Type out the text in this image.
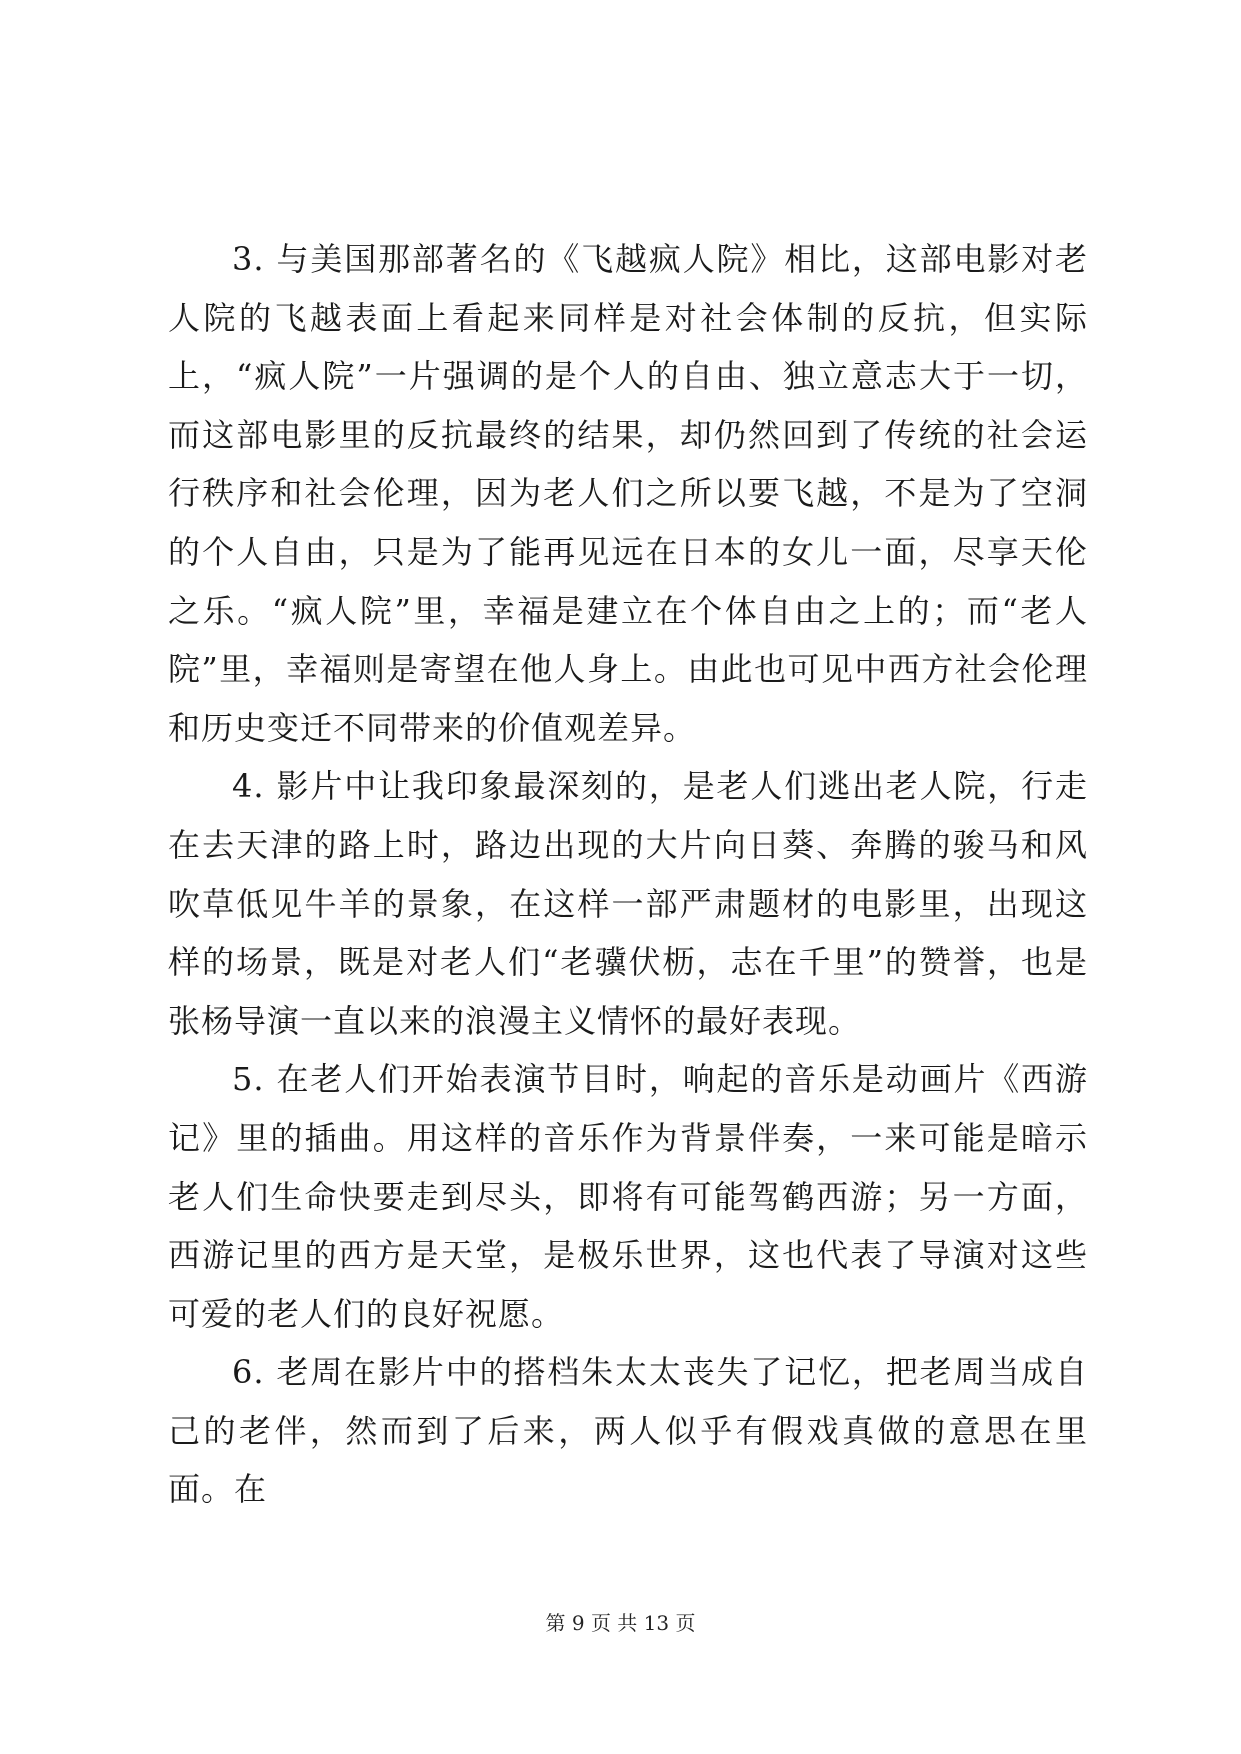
3. 与美国那部著名的《飞越疯人院》相比，这部电影对老人院的飞越表面上看起来同样是对社会体制的反抗，但实际上，“疯人院”一片强调的是个人的自由、独立意志大于一切，而这部电影里的反抗最终的结果，却仍然回到了传统的社会运行秩序和社会伦理，因为老人们之所以要飞越，不是为了空洞的个人自由，只是为了能再见远在日本的女儿一面，尽享天伦之乐。“疯人院”里，幸福是建立在个体自由之上的；而“老人院”里，幸福则是寄望在他人身上。由此也可见中西方社会伦理和历史变迁不同带来的价值观差异。

4. 影片中让我印象最深刻的，是老人们逃出老人院，行走在去天津的路上时，路边出现的大片向日葵、奔腾的骏马和风吹草低见牛羊的景象，在这样一部严肃题材的电影里，出现这样的场景，既是对老人们“老骥伏枥，志在千里”的赞誉，也是张杨导演一直以来的浪漫主义情怀的最好表现。

5. 在老人们开始表演节目时，响起的音乐是动画片《西游记》里的插曲。用这样的音乐作为背景伴奏，一来可能是暗示老人们生命快要走到尽头，即将有可能驾鹤西游；另一方面，西游记里的西方是天堂，是极乐世界，这也代表了导演对这些可爱的老人们的良好祝愿。

6. 老周在影片中的搭档朱太太丧失了记忆，把老周当成自己的老伴，然而到了后来，两人似乎有假戏真做的意思在里面。在

第 9 页 共 13 页
